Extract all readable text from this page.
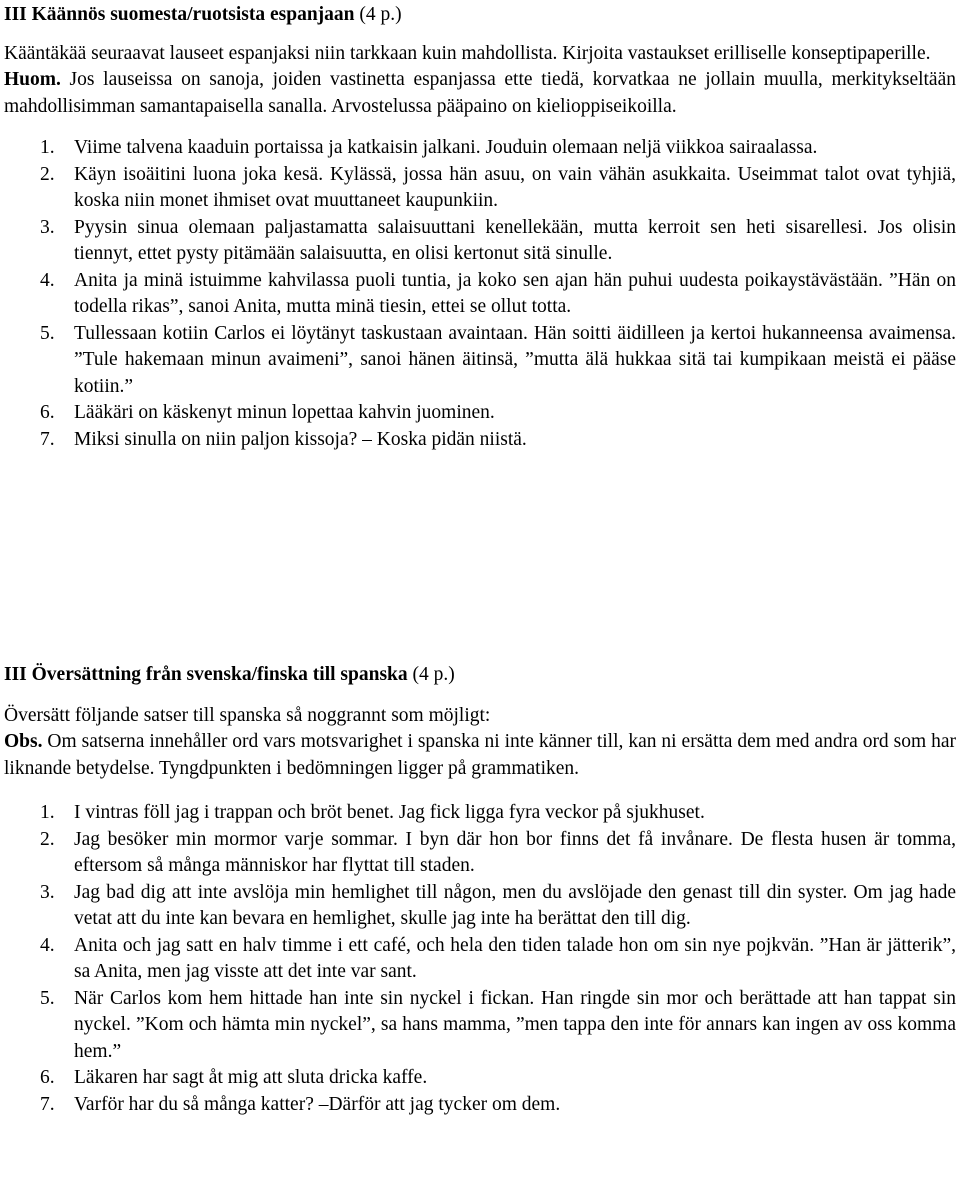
III Käännös suomesta/ruotsista espanjaan (4 p.)

Kääntäkää seuraavat lauseet espanjaksi niin tarkkaan kuin mahdollista. Kirjoita vastaukset erilliselle konseptipaperille.

Huom. Jos lauseissa on sanoja, joiden vastinetta espanjassa ette tiedä, korvatkaa ne jollain muulla, merkitykseltään mahdollisimman samantapaisella sanalla. Arvostelussa pääpaino on kielioppiseikoilla.

1. Viime talvena kaaduin portaissa ja katkaisin jalkani. Jouduin olemaan neljä viikkoa sairaalassa.
2. Käyn isoäitini luona joka kesä. Kylässä, jossa hän asuu, on vain vähän asukkaita. Useimmat talot ovat tyhjiä, koska niin monet ihmiset ovat muuttaneet kaupunkiin.
3. Pyysin sinua olemaan paljastamatta salaisuuttani kenellekään, mutta kerroit sen heti sisarellesi. Jos olisin tiennyt, ettet pysty pitämään salaisuutta, en olisi kertonut sitä sinulle.
4. Anita ja minä istuimme kahvilassa puoli tuntia, ja koko sen ajan hän puhui uudesta poikaystävästään. ”Hän on todella rikas”, sanoi Anita, mutta minä tiesin, ettei se ollut totta.
5. Tullessaan kotiin Carlos ei löytänyt taskustaan avaintaan. Hän soitti äidilleen ja kertoi hukanneensa avaimensa. ”Tule hakemaan minun avaimeni”, sanoi hänen äitinsä, ”mutta älä hukkaa sitä tai kumpikaan meistä ei pääse kotiin.”
6. Lääkäri on käskenyt minun lopettaa kahvin juominen.
7. Miksi sinulla on niin paljon kissoja? – Koska pidän niistä.

III Översättning från svenska/finska till spanska (4 p.)

Översätt följande satser till spanska så noggrannt som möjligt:

Obs. Om satserna innehåller ord vars motsvarighet i spanska ni inte känner till, kan ni ersätta dem med andra ord som har liknande betydelse. Tyngdpunkten i bedömningen ligger på grammatiken.

1. I vintras föll jag i trappan och bröt benet. Jag fick ligga fyra veckor på sjukhuset.
2. Jag besöker min mormor varje sommar. I byn där hon bor finns det få invånare. De flesta husen är tomma, eftersom så många människor har flyttat till staden.
3. Jag bad dig att inte avslöja min hemlighet till någon, men du avslöjade den genast till din syster. Om jag hade vetat att du inte kan bevara en hemlighet, skulle jag inte ha berättat den till dig.
4. Anita och jag satt en halv timme i ett café, och hela den tiden talade hon om sin nye pojkvän. ”Han är jätterik”, sa Anita, men jag visste att det inte var sant.
5. När Carlos kom hem hittade han inte sin nyckel i fickan. Han ringde sin mor och berättade att han tappat sin nyckel. ”Kom och hämta min nyckel”, sa hans mamma, ”men tappa den inte för annars kan ingen av oss komma hem.”
6. Läkaren har sagt åt mig att sluta dricka kaffe.
7. Varför har du så många katter? –Därför att jag tycker om dem.
